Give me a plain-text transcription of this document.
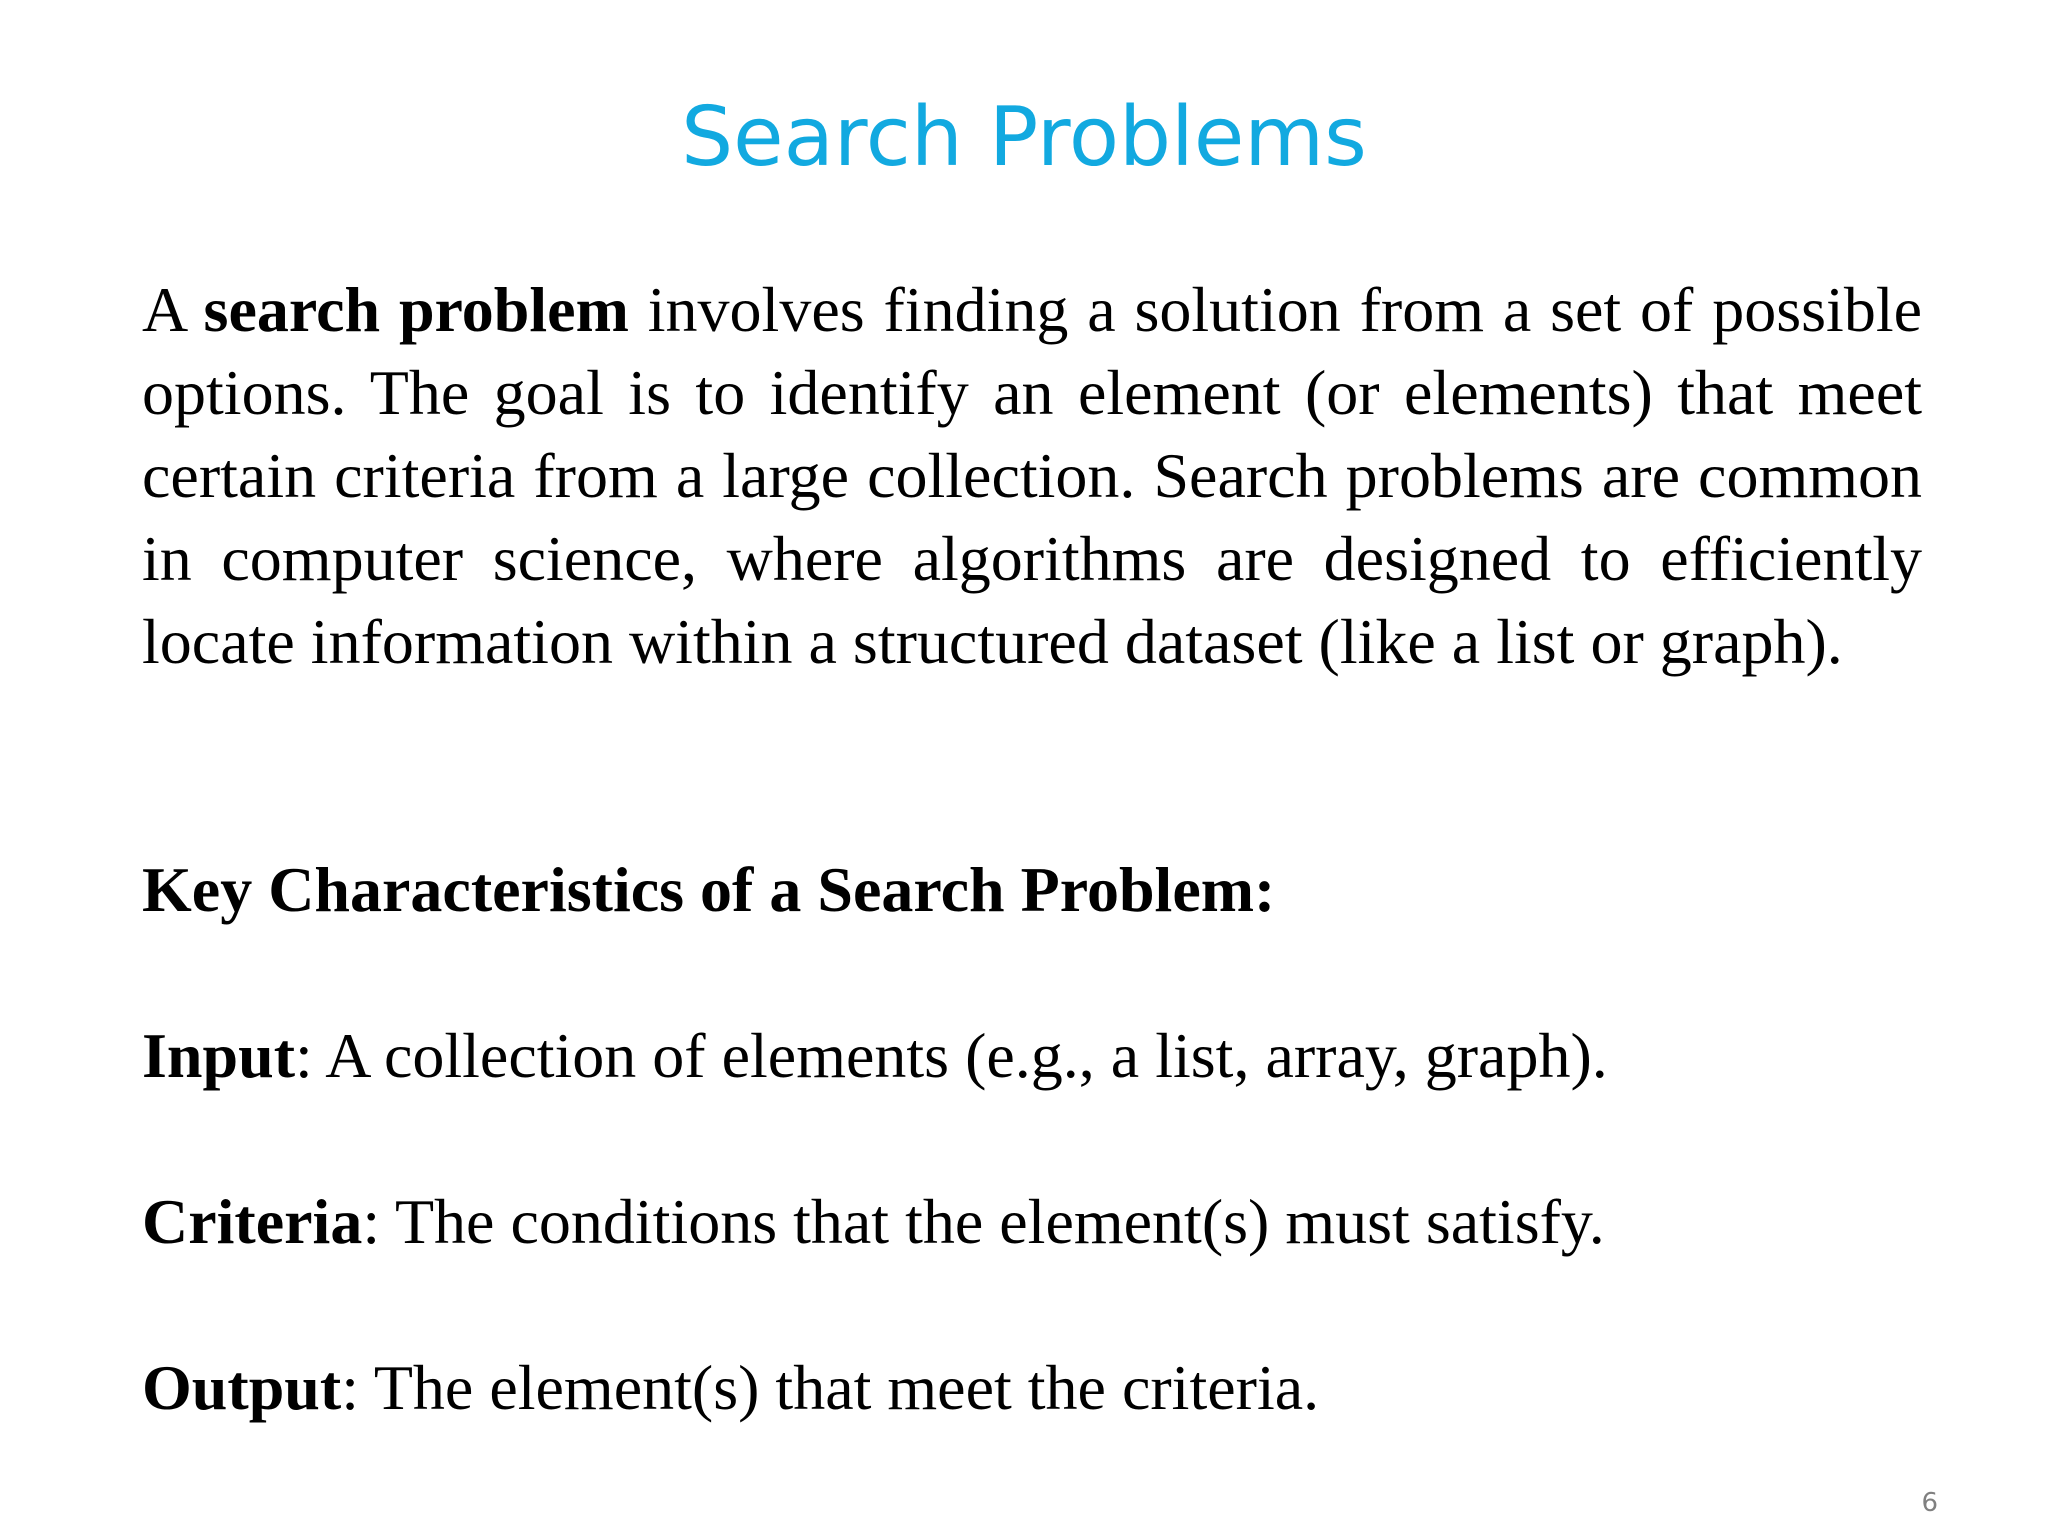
Search Problems

A search problem involves finding a solution from a set of possible options. The goal is to identify an element (or elements) that meet certain criteria from a large collection. Search problems are common in computer science, where algorithms are designed to efficiently locate information within a structured dataset (like a list or graph).

Key Characteristics of a Search Problem:

Input: A collection of elements (e.g., a list, array, graph).

Criteria: The conditions that the element(s) must satisfy.

Output: The element(s) that meet the criteria.

6
